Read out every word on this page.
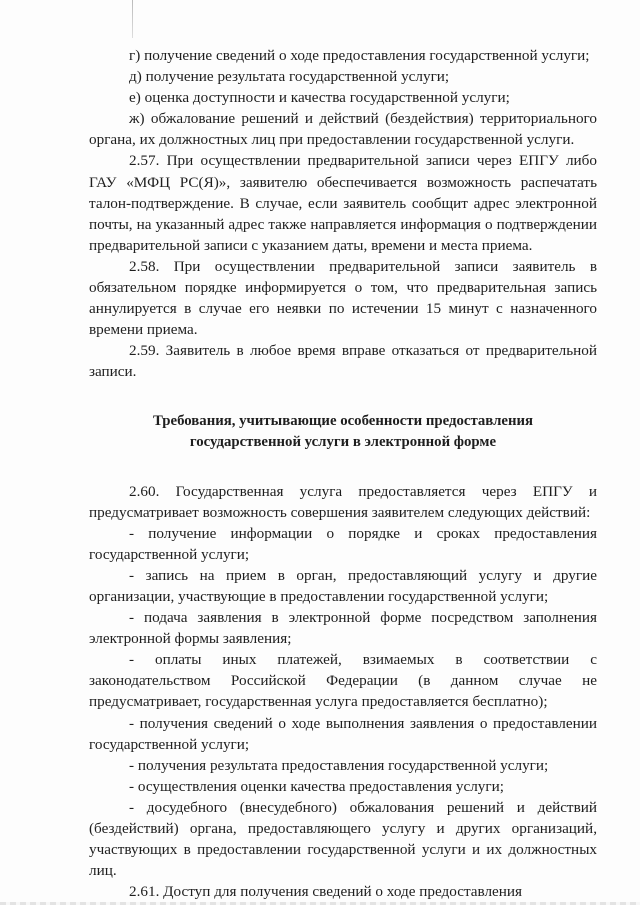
г) получение сведений о ходе предоставления государственной услуги;

д) получение результата государственной услуги;

е) оценка доступности и качества государственной услуги;

ж) обжалование решений и действий (бездействия) территориального органа, их должностных лиц при предоставлении государственной услуги.

2.57. При осуществлении предварительной записи через ЕПГУ либо ГАУ «МФЦ РС(Я)», заявителю обеспечивается возможность распечатать талон-подтверждение. В случае, если заявитель сообщит адрес электронной почты, на указанный адрес также направляется информация о подтверждении предварительной записи с указанием даты, времени и места приема.

2.58. При осуществлении предварительной записи заявитель в обязательном порядке информируется о том, что предварительная запись аннулируется в случае его неявки по истечении 15 минут с назначенного времени приема.

2.59. Заявитель в любое время вправе отказаться от предварительной записи.

Требования, учитывающие особенности предоставления
государственной услуги в электронной форме

2.60. Государственная услуга предоставляется через ЕПГУ и предусматривает возможность совершения заявителем следующих действий:

- получение информации о порядке и сроках предоставления государственной услуги;

- запись на прием в орган, предоставляющий услугу и другие организации, участвующие в предоставлении государственной услуги;

- подача заявления в электронной форме посредством заполнения электронной формы заявления;

- оплаты иных платежей, взимаемых в соответствии с законодательством Российской Федерации (в данном случае не предусматривает, государственная услуга предоставляется бесплатно);

- получения сведений о ходе выполнения заявления о предоставлении государственной услуги;

- получения результата предоставления государственной услуги;

- осуществления оценки качества предоставления услуги;

- досудебного (внесудебного) обжалования решений и действий (бездействий) органа, предоставляющего услугу и других организаций, участвующих в предоставлении государственной услуги и их должностных лиц.

2.61. Доступ для получения сведений о ходе предоставления
